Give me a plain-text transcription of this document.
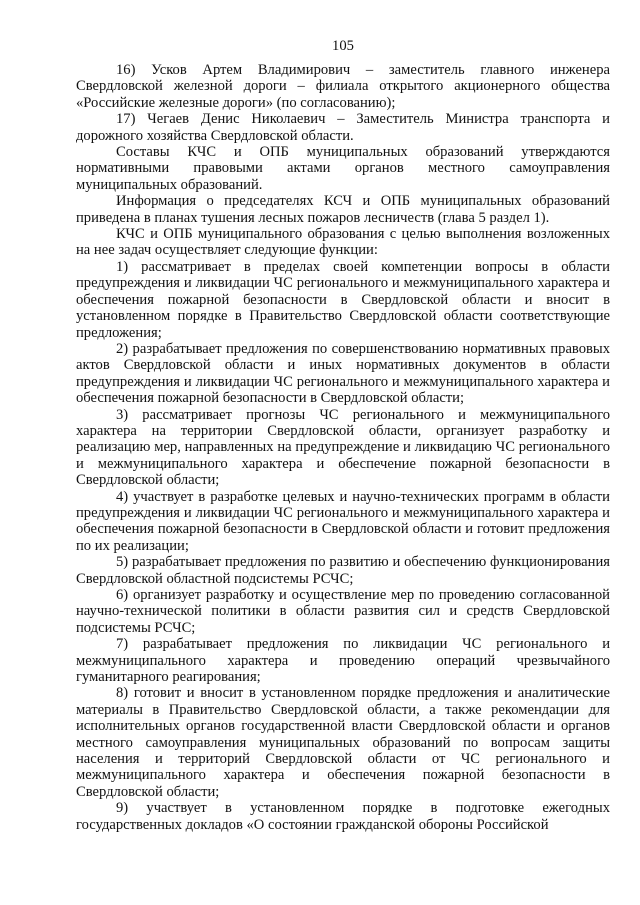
105

16) Усков Артем Владимирович – заместитель главного инженера Свердловской железной дороги – филиала открытого акционерного общества «Российские железные дороги» (по согласованию);

17) Чегаев Денис Николаевич – Заместитель Министра транспорта и дорожного хозяйства Свердловской области.

Составы КЧС и ОПБ муниципальных образований утверждаются нормативными правовыми актами органов местного самоуправления муниципальных образований.

Информация о председателях КСЧ и ОПБ муниципальных образований приведена в планах тушения лесных пожаров лесничеств (глава 5 раздел 1).

КЧС и ОПБ муниципального образования с целью выполнения возложенных на нее задач осуществляет следующие функции:

1) рассматривает в пределах своей компетенции вопросы в области предупреждения и ликвидации ЧС регионального и межмуниципального характера и обеспечения пожарной безопасности в Свердловской области и вносит в установленном порядке в Правительство Свердловской области соответствующие предложения;

2) разрабатывает предложения по совершенствованию нормативных правовых актов Свердловской области и иных нормативных документов в области предупреждения и ликвидации ЧС регионального и межмуниципального характера и обеспечения пожарной безопасности в Свердловской области;

3) рассматривает прогнозы ЧС регионального и межмуниципального характера на территории Свердловской области, организует разработку и реализацию мер, направленных на предупреждение и ликвидацию ЧС регионального и межмуниципального характера и обеспечение пожарной безопасности в Свердловской области;

4) участвует в разработке целевых и научно-технических программ в области предупреждения и ликвидации ЧС регионального и межмуниципального характера и обеспечения пожарной безопасности в Свердловской области и готовит предложения по их реализации;

5) разрабатывает предложения по развитию и обеспечению функционирования Свердловской областной подсистемы РСЧС;

6) организует разработку и осуществление мер по проведению согласованной научно-технической политики в области развития сил и средств Свердловской подсистемы РСЧС;

7) разрабатывает предложения по ликвидации ЧС регионального и межмуниципального характера и проведению операций чрезвычайного гуманитарного реагирования;

8) готовит и вносит в установленном порядке предложения и аналитические материалы в Правительство Свердловской области, а также рекомендации для исполнительных органов государственной власти Свердловской области и органов местного самоуправления муниципальных образований по вопросам защиты населения и территорий Свердловской области от ЧС регионального и межмуниципального характера и обеспечения пожарной безопасности в Свердловской области;

9) участвует в установленном порядке в подготовке ежегодных государственных докладов «О состоянии гражданской обороны Российской
